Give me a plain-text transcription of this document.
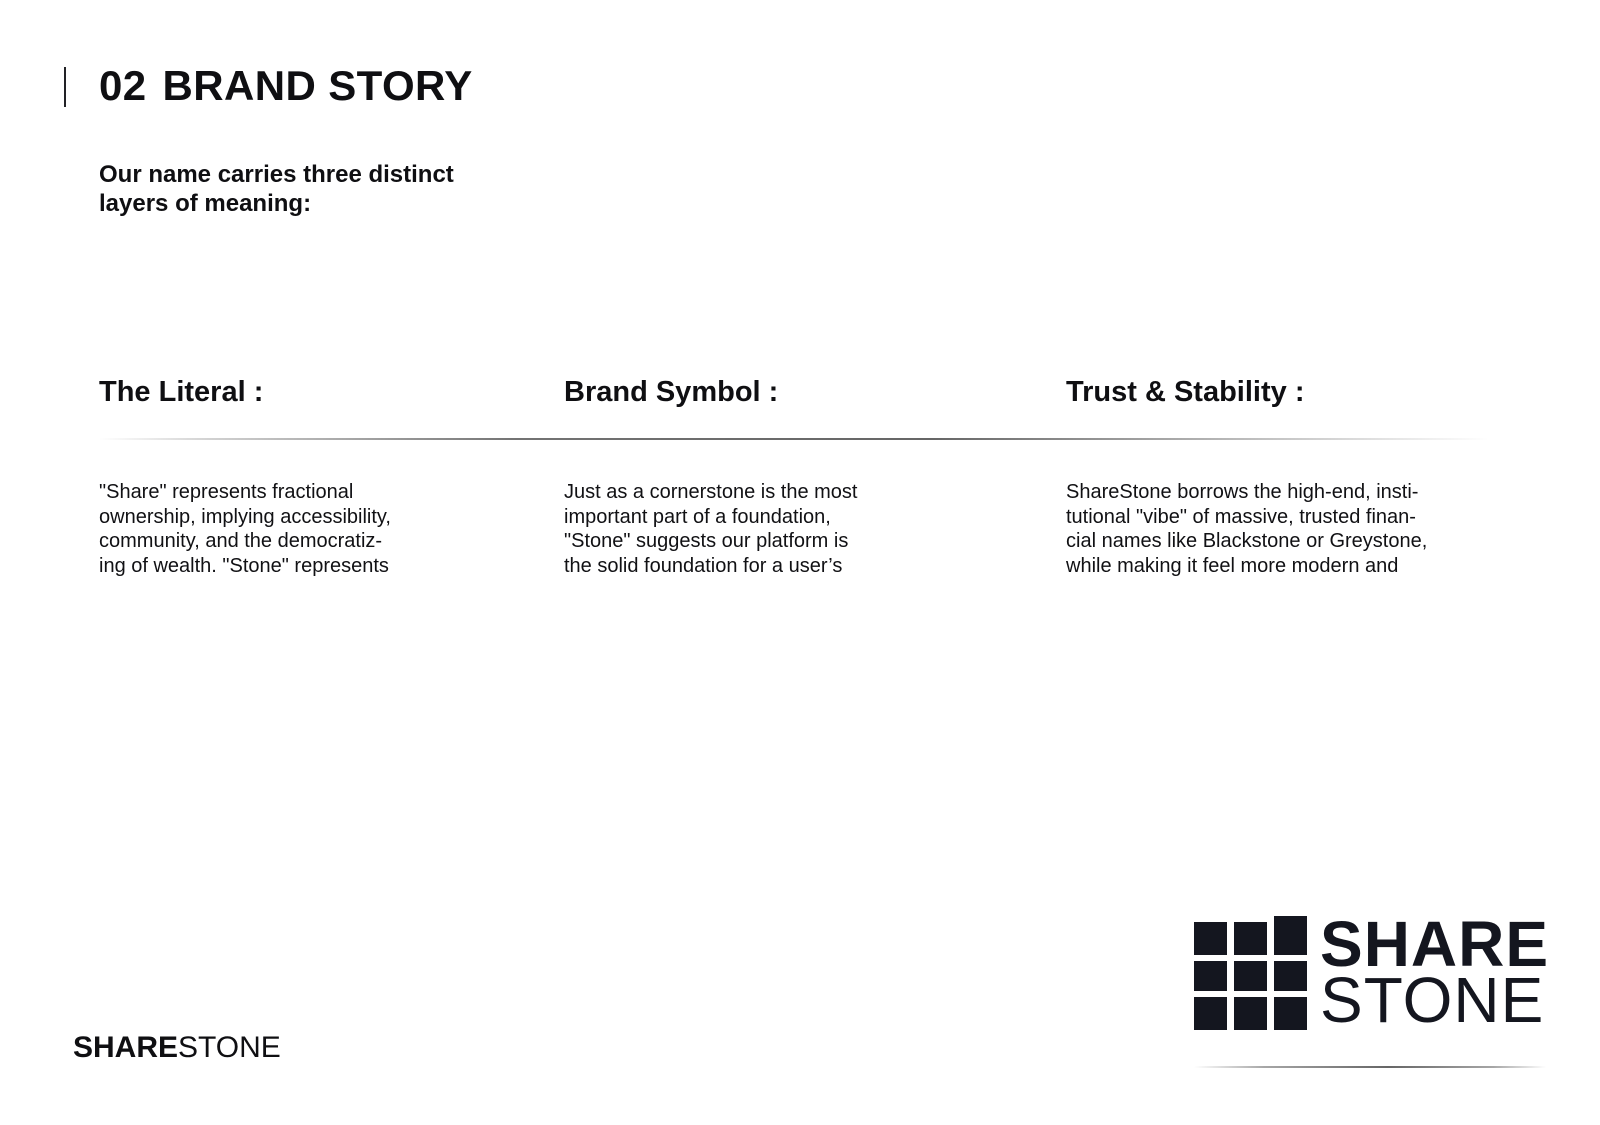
02 BRAND STORY

Our name carries three distinct layers of meaning:

The Literal :

"Share" represents fractional
ownership, implying accessibility,
community, and the democratiz-
ing of wealth. "Stone" represents

Brand Symbol :

Just as a cornerstone is the most
important part of a foundation,
"Stone" suggests our platform is
the solid foundation for a user’s

Trust & Stability :

ShareStone borrows the high-end, insti-
tutional "vibe" of massive, trusted finan-
cial names like Blackstone or Greystone,
while making it feel more modern and

SHARESTONE
SHARE
STONE
